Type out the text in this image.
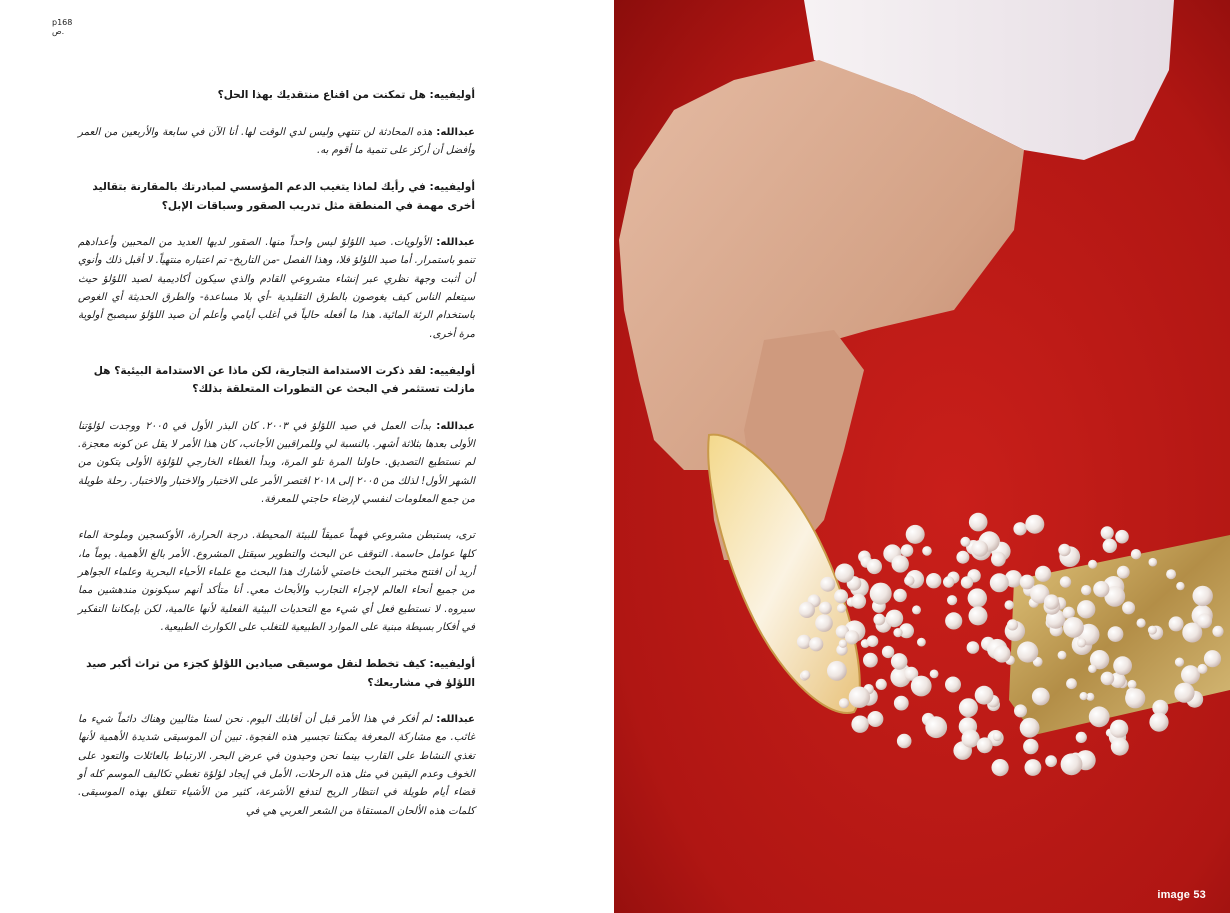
p168
ص.

أوليفييه: هل تمكنت من اقناع منتقديك بهذا الحل؟

عبدالله: هذه المحادثة لن تنتهي وليس لدي الوقت لها. أنا الآن في سابعة والأربعين من العمر وأفضل أن أركز على تنمية ما أقوم به.

أوليفييه: في رأيك لماذا يتغيب الدعم المؤسسي لمبادرتك بالمقارنة بتقاليد أخرى مهمة في المنطقة مثل تدريب الصقور وسباقات الإبل؟

عبدالله: الأولويات. صيد اللؤلؤ ليس واحداً منها. الصقور لديها العديد من المحبين وأعدادهم تنمو باستمرار. أما صيد اللؤلؤ فلا، وهذا الفصل -من التاريخ- تم اعتباره منتهياً. لا أقبل ذلك وأنوي أن أثبت وجهة نظري عبر إنشاء مشروعي القادم والذي سيكون أكاديمية لصيد اللؤلؤ حيث سيتعلم الناس كيف يغوصون بالطرق التقليدية -أي بلا مساعدة- والطرق الحديثة أي الغوص باستخدام الرئة المائية. هذا ما أفعله حالياً في أغلب أيامي وأعلم أن صيد اللؤلؤ سيصبح أولوية مرة أخرى.

أوليفييه: لقد ذكرت الاستدامة التجارية، لكن ماذا عن الاستدامة البيئية؟ هل مازلت تستثمر في البحث عن التطورات المتعلقة بذلك؟

عبدالله: بدأت العمل في صيد اللؤلؤ في ٢٠٠٣. كان البذر الأول في ٢٠٠٥ ووجدت لؤلؤتنا الأولى بعدها بثلاثة أشهر. بالنسبة لي وللمراقبين الأجانب، كان هذا الأمر لا يقل عن كونه معجزة. لم نستطيع التصديق. حاولنا المرة تلو المرة، وبدأ الغطاء الخارجي للؤلؤة الأولى يتكون من الشهر الأول! لذلك من ٢٠٠٥ إلى ٢٠١٨ اقتصر الأمر على الاختبار والاختبار والاختبار. رحلة طويلة من جمع المعلومات لنفسي لإرضاء حاجتي للمعرفة.

ترى، يستبطن مشروعي فهماً عميقاً للبيئة المحيطة. درجة الحرارة، الأوكسجين وملوحة الماء كلها عوامل حاسمة. التوقف عن البحث والتطوير سيقتل المشروع. الأمر بالغ الأهمية. يوماً ما، أريد أن افتتح مختبر البحث خاصتي لأشارك هذا البحث مع علماء الأحياء البحرية وعلماء الجواهر من جميع أنحاء العالم لإجراء التجارب والأبحاث معي. أنا متأكد أنهم سيكونون مندهشين مما سيروه. لا نستطيع فعل أي شيء مع التحديات البيئية الفعلية لأنها عالمية، لكن بإمكاننا التفكير في أفكار بسيطة مبنية على الموارد الطبيعية للتغلب على الكوارث الطبيعية.

أوليفييه: كيف تخطط لنقل موسيقى صيادين اللؤلؤ كجزء من تراث أكبر صيد اللؤلؤ في مشاريعك؟

عبدالله: لم أفكر في هذا الأمر قبل أن أقابلك اليوم. نحن لسنا مثاليين وهناك دائماً شيء ما غائب. مع مشاركة المعرفة يمكننا تجسير هذه الفجوة. تبين أن الموسيقى شديدة الأهمية لأنها تغذي النشاط على القارب بينما نحن وحيدون في عرض البحر. الارتباط بالعائلات والتعود على الخوف وعدم اليقين في مثل هذه الرحلات، الأمل في إيجاد لؤلؤة تغطي تكاليف الموسم كله أو قضاء أيام طويلة في انتظار الريح لتدفع الأشرعة، كثير من الأشياء تتعلق بهذه الموسيقى. كلمات هذه الألحان المستقاة من الشعر العربي هي في

image 53
